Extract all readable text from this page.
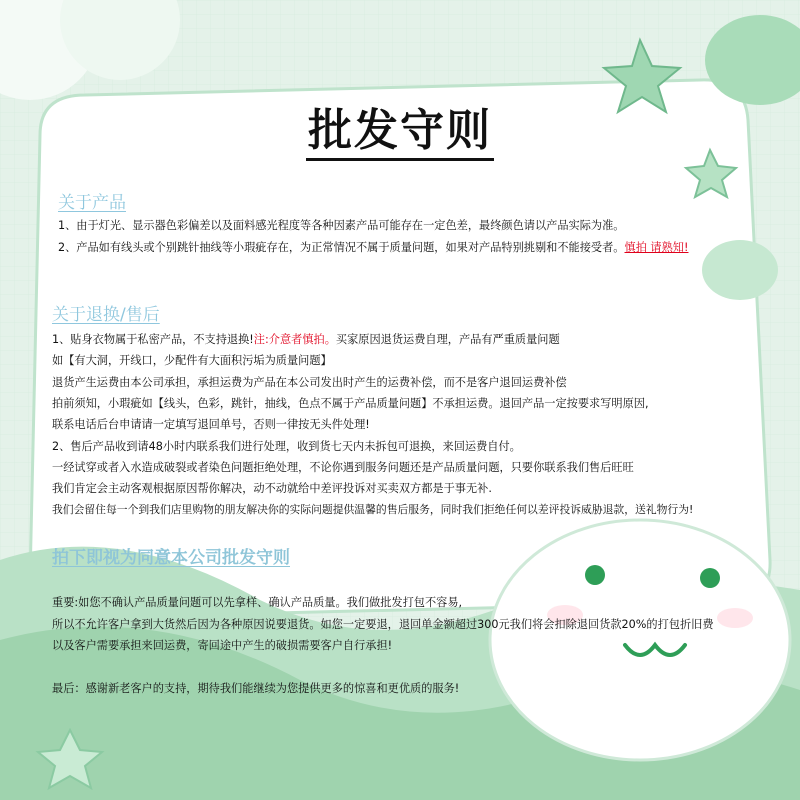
批发守则
关于产品
1、由于灯光、显示器色彩偏差以及面料感光程度等各种因素产品可能存在一定色差，最终颜色请以产品实际为准。
2、产品如有线头或个别跳针抽线等小瑕疵存在，为正常情况不属于质量问题，如果对产品特别挑剔和不能接受者。慎拍 请熟知!
关于退换/售后
1、贴身衣物属于私密产品，不支持退换!注:介意者慎拍。买家原因退货运费自理，产品有严重质量问题
如【有大洞，开线口，少配件有大面积污垢为质量问题】
退货产生运费由本公司承担，承担运费为产品在本公司发出时产生的运费补偿，而不是客户退回运费补偿
拍前须知，小瑕疵如【线头，色彩，跳针，抽线，色点不属于产品质量问题】不承担运费。退回产品一定按要求写明原因,
联系电话后台申请请一定填写退回单号，否则一律按无头件处理!
2、售后产品收到请48小时内联系我们进行处理，收到货七天内未拆包可退换，来回运费自付。
一经试穿或者入水造成破裂或者染色问题拒绝处理，不论你遇到服务问题还是产品质量问题，只要你联系我们售后旺旺
我们肯定会主动客观根据原因帮你解决，动不动就给中差评投诉对买卖双方都是于事无补.
我们会留住每一个到我们店里购物的朋友解决你的实际问题提供温馨的售后服务，同时我们拒绝任何以差评投诉威胁退款，送礼物行为!
拍下即视为同意本公司批发守则
重要:如您不确认产品质量问题可以先拿样、确认产品质量。我们做批发打包不容易,
所以不允许客户拿到大货然后因为各种原因说要退货。如您一定要退，退回单金额超过300元我们将会扣除退回货款20%的打包折旧费
以及客户需要承担来回运费，寄回途中产生的破损需要客户自行承担!
最后：感谢新老客户的支持，期待我们能继续为您提供更多的惊喜和更优质的服务!
